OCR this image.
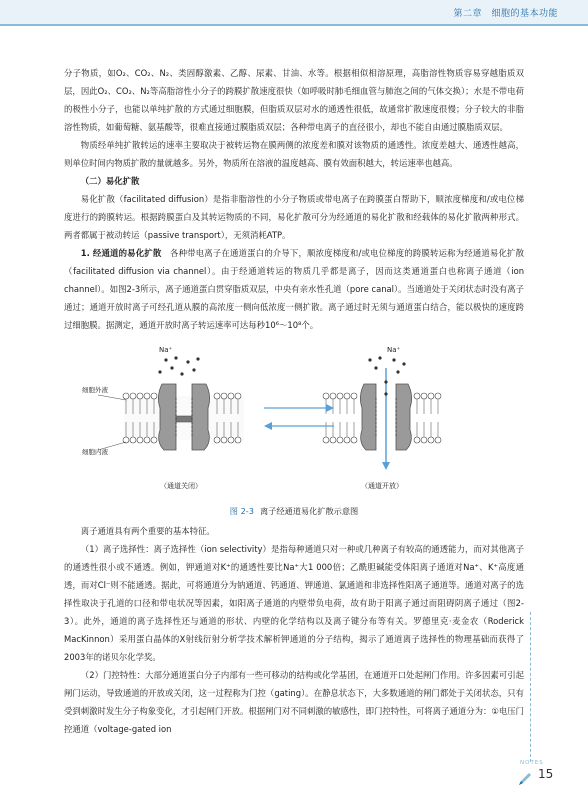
第二章　细胞的基本功能

分子物质，如O₂、CO₂、N₂、类固醇激素、乙醇、尿素、甘油、水等。根据相似相溶原理，高脂溶性物质容易穿越脂质双层，因此O₂、CO₂、N₂等高脂溶性小分子的跨膜扩散速度很快（如呼吸时肺毛细血管与肺泡之间的气体交换）；水是不带电荷的极性小分子，也能以单纯扩散的方式通过细胞膜，但脂质双层对水的通透性很低，故通常扩散速度很慢；分子较大的非脂溶性物质，如葡萄糖、氨基酸等，很难直接通过膜脂质双层；各种带电离子的直径很小，却也不能自由通过膜脂质双层。

物质经单纯扩散转运的速率主要取决于被转运物在膜两侧的浓度差和膜对该物质的通透性。浓度差越大、通透性越高，则单位时间内物质扩散的量就越多。另外，物质所在溶液的温度越高、膜有效面积越大，转运速率也越高。

（二）易化扩散

易化扩散（facilitated diffusion）是指非脂溶性的小分子物质或带电离子在跨膜蛋白帮助下，顺浓度梯度和/或电位梯度进行的跨膜转运。根据跨膜蛋白及其转运物质的不同，易化扩散可分为经通道的易化扩散和经载体的易化扩散两种形式。两者都属于被动转运（passive transport），无须消耗ATP。

1. 经通道的易化扩散　 各种带电离子在通道蛋白的介导下，顺浓度梯度和/或电位梯度的跨膜转运称为经通道易化扩散（facilitated diffusion via channel）。由于经通道转运的物质几乎都是离子，因而这类通道蛋白也称离子通道（ion channel）。如图2-3所示，离子通道蛋白贯穿脂质双层，中央有亲水性孔道（pore canal）。当通道处于关闭状态时没有离子通过；通道开放时离子可经孔道从膜的高浓度一侧向低浓度一侧扩散。离子通过时无须与通道蛋白结合，能以极快的速度跨过细胞膜。据测定，通道开放时离子转运速率可达每秒10⁶～10⁸个。

Na⁺	Na⁺
细胞外液
细胞内液
（通道关闭）	（通道开放）
图 2-3 离子经通道易化扩散示意图

离子通道具有两个重要的基本特征。

（1）离子选择性：离子选择性（ion selectivity）是指每种通道只对一种或几种离子有较高的通透能力，而对其他离子的通透性很小或不通透。例如，钾通道对K⁺的通透性要比Na⁺大1 000倍；乙酰胆碱能受体阳离子通道对Na⁺、K⁺高度通透，而对Cl⁻则不能通透。据此，可将通道分为钠通道、钙通道、钾通道、氯通道和非选择性阳离子通道等。通道对离子的选择性取决于孔道的口径和带电状况等因素，如阳离子通道的内壁带负电荷，故有助于阳离子通过而阻碍阴离子通过（图2-3）。此外，通道的离子选择性还与通道的形状、内壁的化学结构以及离子键分布等有关。罗德里克·麦金农（Roderick MacKinnon）采用蛋白晶体的X射线衍射分析学技术解析钾通道的分子结构，揭示了通道离子选择性的物理基础而获得了2003年的诺贝尔化学奖。

（2）门控特性：大部分通道蛋白分子内部有一些可移动的结构或化学基团，在通道开口处起闸门作用。许多因素可引起闸门运动，导致通道的开放或关闭，这一过程称为门控（gating）。在静息状态下，大多数通道的闸门都处于关闭状态，只有受到刺激时发生分子构象变化，才引起闸门开放。根据闸门对不同刺激的敏感性，即门控特性，可将离子通道分为：①电压门控通道（voltage-gated ion

NOTES
15
